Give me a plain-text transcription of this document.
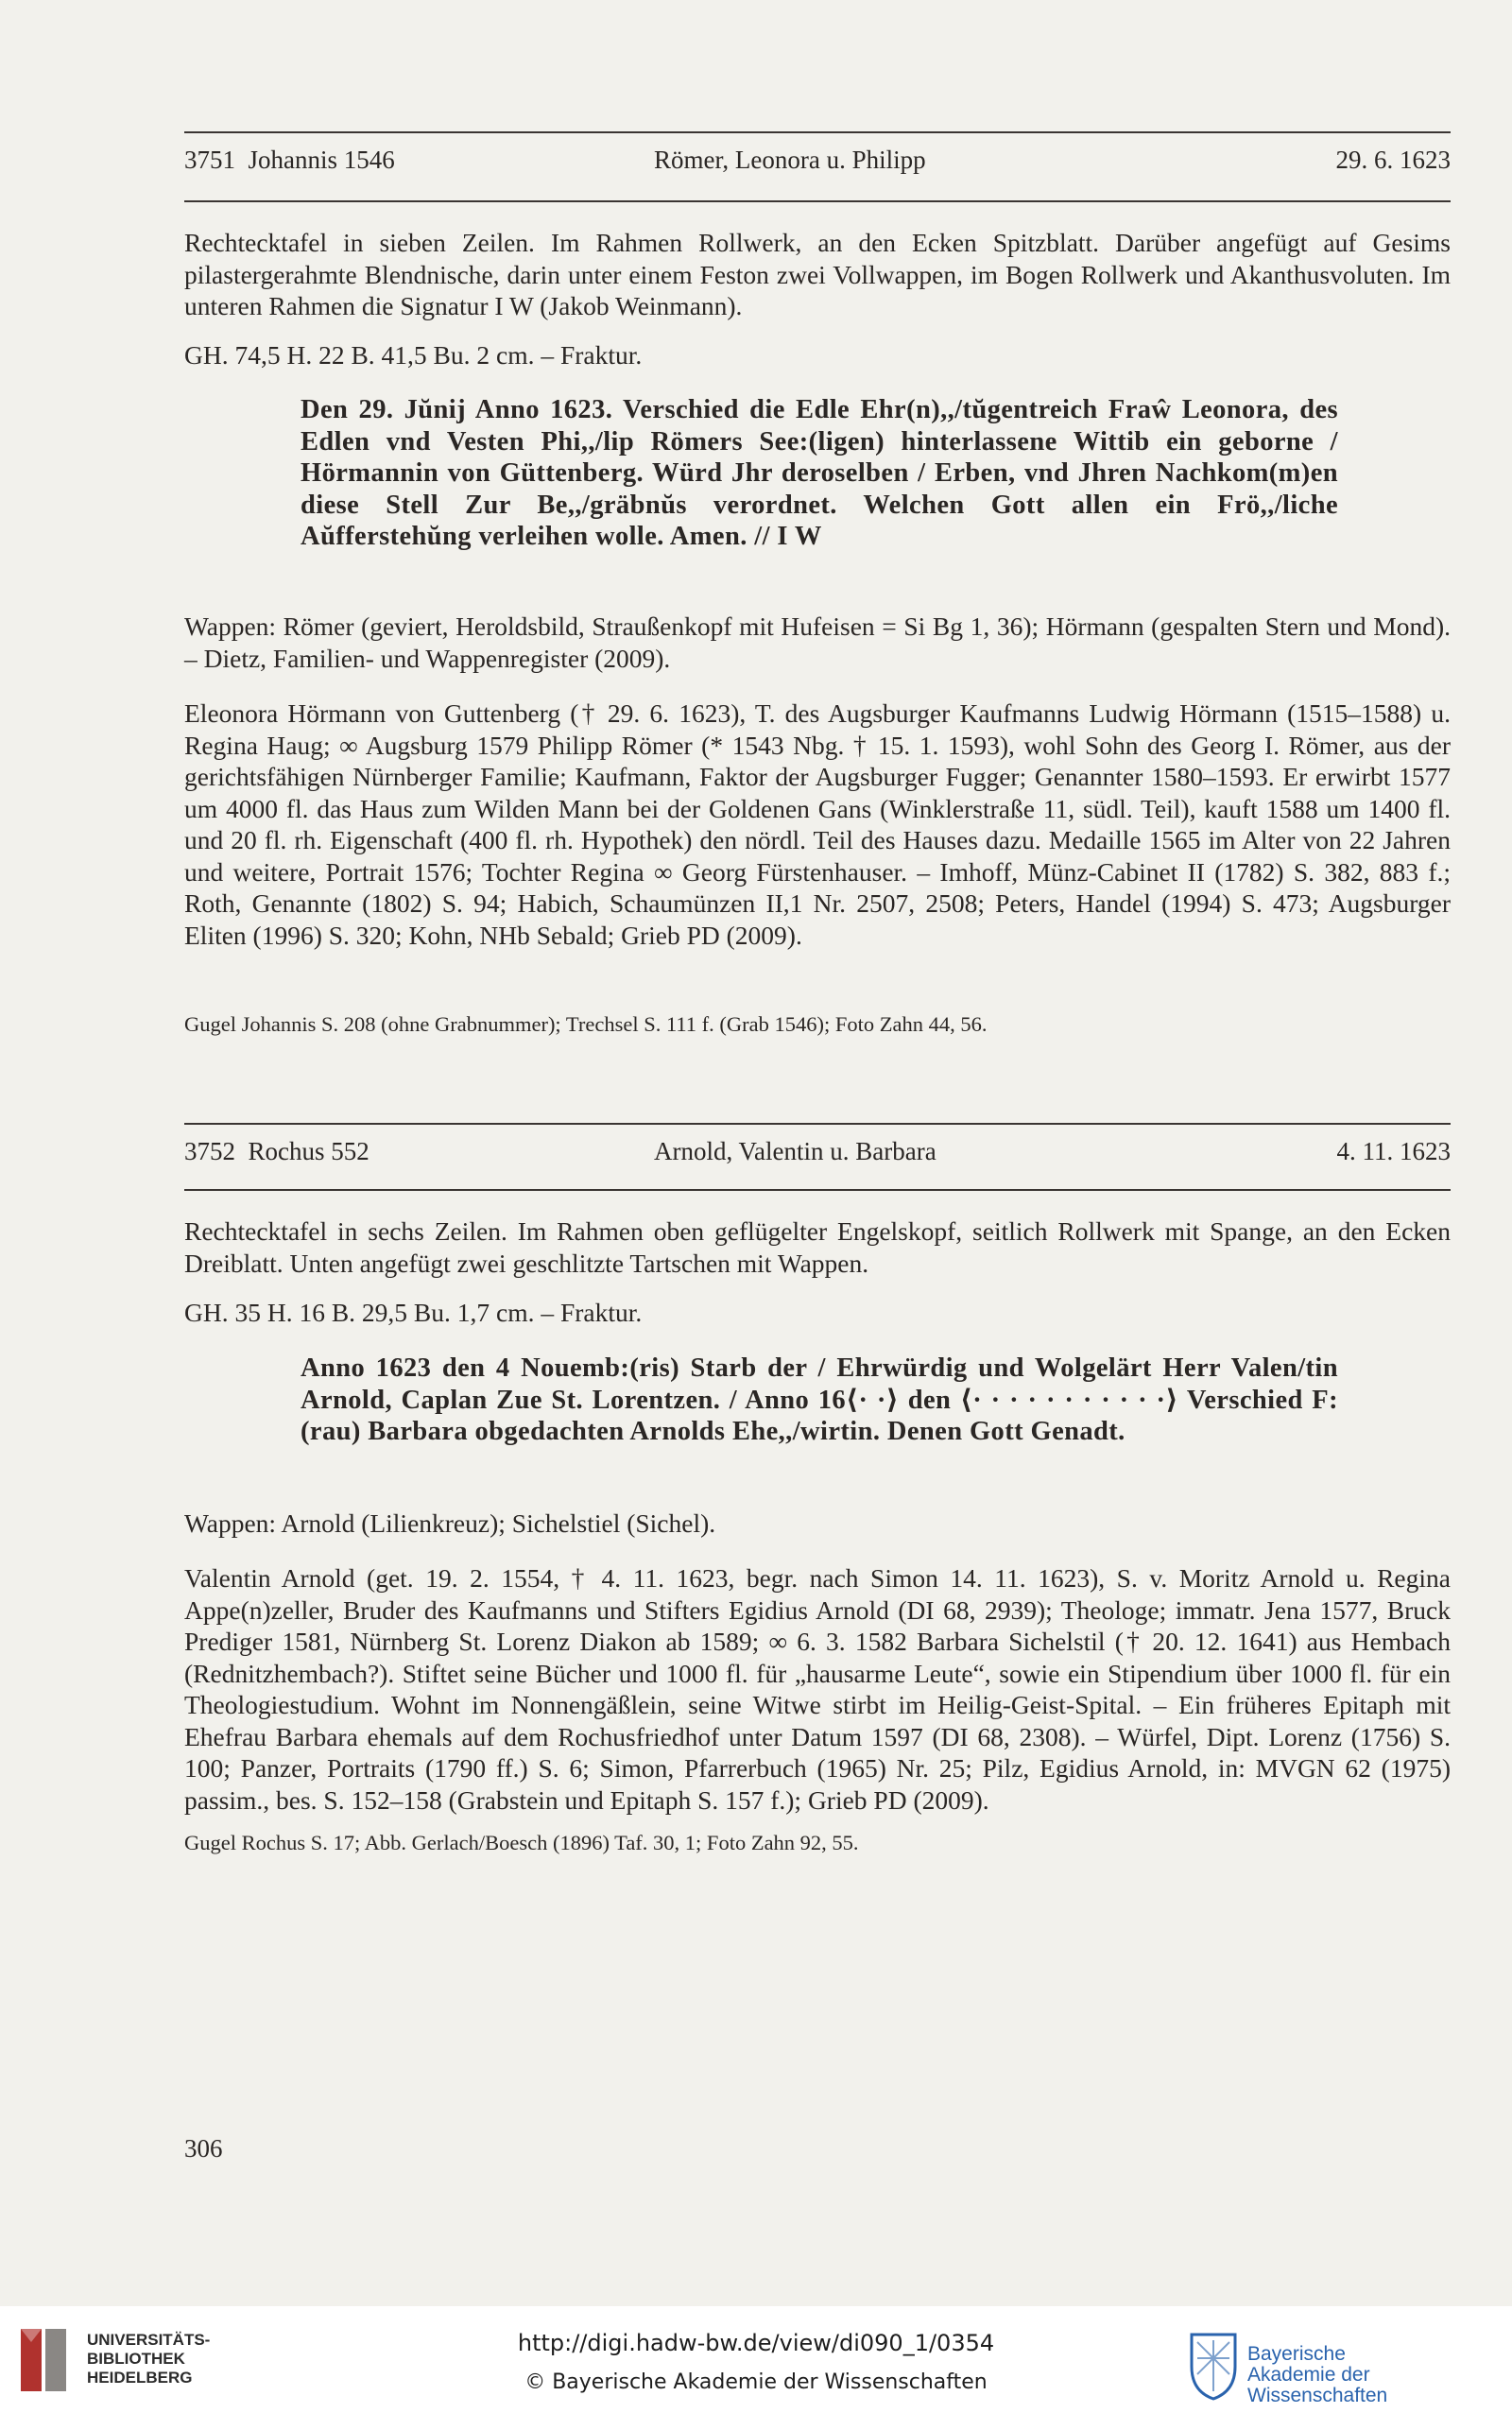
3751 Johannis 1546	Römer, Leonora u. Philipp	29. 6. 1623

Rechtecktafel in sieben Zeilen. Im Rahmen Rollwerk, an den Ecken Spitzblatt. Darüber angefügt auf Gesims pilastergerahmte Blendnische, darin unter einem Feston zwei Vollwappen, im Bogen Rollwerk und Akanthusvoluten. Im unteren Rahmen die Signatur I W (Jakob Weinmann).

GH. 74,5 H. 22 B. 41,5 Bu. 2 cm. – Fraktur.

Den 29. Jŭnij Anno 1623. Verschied die Edle Ehr(n),,/tŭgentreich Fraŵ Leonora, des Edlen vnd Vesten Phi,,/lip Römers See:(ligen) hinterlassene Wittib ein geborne / Hörmannin von Güttenberg. Würd Jhr deroselben / Erben, vnd Jhren Nachkom(m)en diese Stell Zur Be,,/gräbnŭs verordnet. Welchen Gott allen ein Frö,,/liche Aŭfferstehŭng verleihen wolle. Amen. // I W

Wappen: Römer (geviert, Heroldsbild, Straußenkopf mit Hufeisen = Si Bg 1, 36); Hörmann (gespalten Stern und Mond). – Dietz, Familien- und Wappenregister (2009).

Eleonora Hörmann von Guttenberg († 29. 6. 1623), T. des Augsburger Kaufmanns Ludwig Hörmann (1515–1588) u. Regina Haug; ∞ Augsburg 1579 Philipp Römer (* 1543 Nbg. † 15. 1. 1593), wohl Sohn des Georg I. Römer, aus der gerichtsfähigen Nürnberger Familie; Kaufmann, Faktor der Augsburger Fugger; Genannter 1580–1593. Er erwirbt 1577 um 4000 fl. das Haus zum Wilden Mann bei der Goldenen Gans (Winklerstraße 11, südl. Teil), kauft 1588 um 1400 fl. und 20 fl. rh. Eigenschaft (400 fl. rh. Hypothek) den nördl. Teil des Hauses dazu. Medaille 1565 im Alter von 22 Jahren und weitere, Portrait 1576; Tochter Regina ∞ Georg Fürstenhauser. – Imhoff, Münz-Cabinet II (1782) S. 382, 883 f.; Roth, Genannte (1802) S. 94; Habich, Schaumünzen II,1 Nr. 2507, 2508; Peters, Handel (1994) S. 473; Augsburger Eliten (1996) S. 320; Kohn, NHb Sebald; Grieb PD (2009).

Gugel Johannis S. 208 (ohne Grabnummer); Trechsel S. 111 f. (Grab 1546); Foto Zahn 44, 56.

3752 Rochus 552	Arnold, Valentin u. Barbara	4. 11. 1623

Rechtecktafel in sechs Zeilen. Im Rahmen oben geflügelter Engelskopf, seitlich Rollwerk mit Spange, an den Ecken Dreiblatt. Unten angefügt zwei geschlitzte Tartschen mit Wappen.

GH. 35 H. 16 B. 29,5 Bu. 1,7 cm. – Fraktur.

Anno 1623 den 4 Nouemb:(ris) Starb der / Ehrwürdig und Wolgelärt Herr Valen/tin Arnold, Caplan Zue St. Lorentzen. / Anno 16⟨· ·⟩ den ⟨· · · · · · · · · · ·⟩ Verschied F:(rau) Barbara obgedachten Arnolds Ehe,,/wirtin. Denen Gott Genadt.

Wappen: Arnold (Lilienkreuz); Sichelstiel (Sichel).

Valentin Arnold (get. 19. 2. 1554, † 4. 11. 1623, begr. nach Simon 14. 11. 1623), S. v. Moritz Arnold u. Regina Appe(n)zeller, Bruder des Kaufmanns und Stifters Egidius Arnold (DI 68, 2939); Theologe; immatr. Jena 1577, Bruck Prediger 1581, Nürnberg St. Lorenz Diakon ab 1589; ∞ 6. 3. 1582 Barbara Sichelstil († 20. 12. 1641) aus Hembach (Rednitzhembach?). Stiftet seine Bücher und 1000 fl. für „hausarme Leute“, sowie ein Stipendium über 1000 fl. für ein Theologiestudium. Wohnt im Nonnengäßlein, seine Witwe stirbt im Heilig-Geist-Spital. – Ein früheres Epitaph mit Ehefrau Barbara ehemals auf dem Rochusfriedhof unter Datum 1597 (DI 68, 2308). – Würfel, Dipt. Lorenz (1756) S. 100; Panzer, Portraits (1790 ff.) S. 6; Simon, Pfarrerbuch (1965) Nr. 25; Pilz, Egidius Arnold, in: MVGN 62 (1975) passim., bes. S. 152–158 (Grabstein und Epitaph S. 157 f.); Grieb PD (2009).

Gugel Rochus S. 17; Abb. Gerlach/Boesch (1896) Taf. 30, 1; Foto Zahn 92, 55.

306
UNIVERSITÄTS-
BIBLIOTHEK
HEIDELBERG
http://digi.hadw-bw.de/view/di090_1/0354
© Bayerische Akademie der Wissenschaften
Bayerische
Akademie der Wissenschaften
